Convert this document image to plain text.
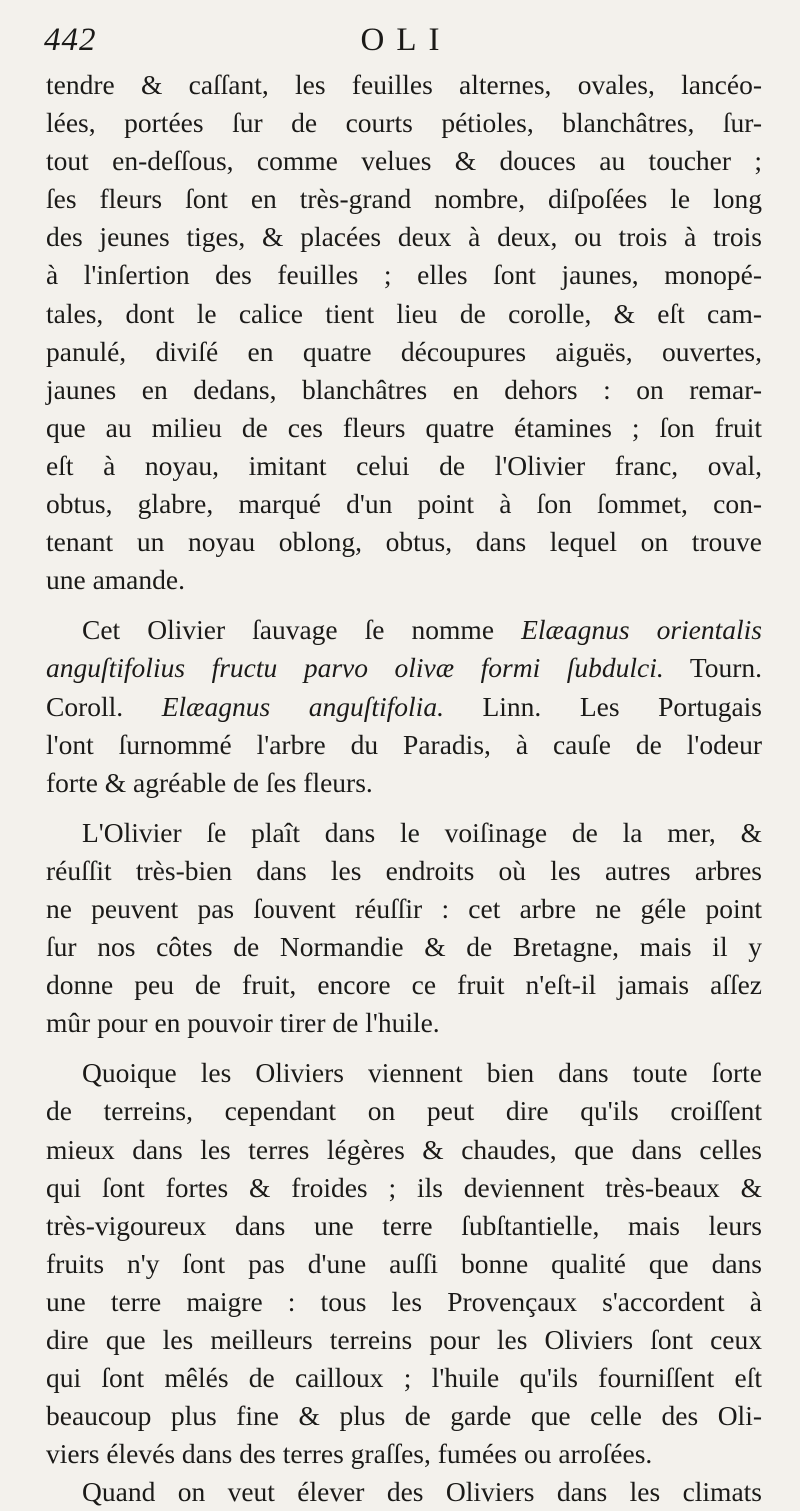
442	OLI
tendre & caſſant, les feuilles alternes, ovales, lancéo-
lées, portées ſur de courts pétioles, blanchâtres, ſur-
tout en-deſſous, comme velues & douces au toucher ;
ſes fleurs ſont en très-grand nombre, diſpoſées le long
des jeunes tiges, & placées deux à deux, ou trois à trois
à l'inſertion des feuilles ; elles ſont jaunes, monopé-
tales, dont le calice tient lieu de corolle, & eſt cam-
panulé, diviſé en quatre découpures aiguës, ouvertes,
jaunes en dedans, blanchâtres en dehors : on remar-
que au milieu de ces fleurs quatre étamines ; ſon fruit
eſt à noyau, imitant celui de l'Olivier franc, oval,
obtus, glabre, marqué d'un point à ſon ſommet, con-
tenant un noyau oblong, obtus, dans lequel on trouve
une amande.
Cet Olivier ſauvage ſe nomme Elæagnus orientalis
anguſtifolius fructu parvo olivæ formi ſubdulci. Tourn.
Coroll. Elæagnus anguſtifolia. Linn. Les Portugais
l'ont ſurnommé l'arbre du Paradis, à cauſe de l'odeur
forte & agréable de ſes fleurs.
L'Olivier ſe plaît dans le voiſinage de la mer, &
réuſſit très-bien dans les endroits où les autres arbres
ne peuvent pas ſouvent réuſſir : cet arbre ne géle point
ſur nos côtes de Normandie & de Bretagne, mais il y
donne peu de fruit, encore ce fruit n'eſt-il jamais aſſez
mûr pour en pouvoir tirer de l'huile.
Quoique les Oliviers viennent bien dans toute ſorte
de terreins, cependant on peut dire qu'ils croiſſent
mieux dans les terres légères & chaudes, que dans celles
qui ſont fortes & froides ; ils deviennent très-beaux &
très-vigoureux dans une terre ſubſtantielle, mais leurs
fruits n'y ſont pas d'une auſſi bonne qualité que dans
une terre maigre : tous les Provençaux s'accordent à
dire que les meilleurs terreins pour les Oliviers ſont ceux
qui ſont mêlés de cailloux ; l'huile qu'ils fourniſſent eſt
beaucoup plus fine & plus de garde que celle des Oli-
viers élevés dans des terres graſſes, fumées ou arroſées.
Quand on veut élever des Oliviers dans les climats
